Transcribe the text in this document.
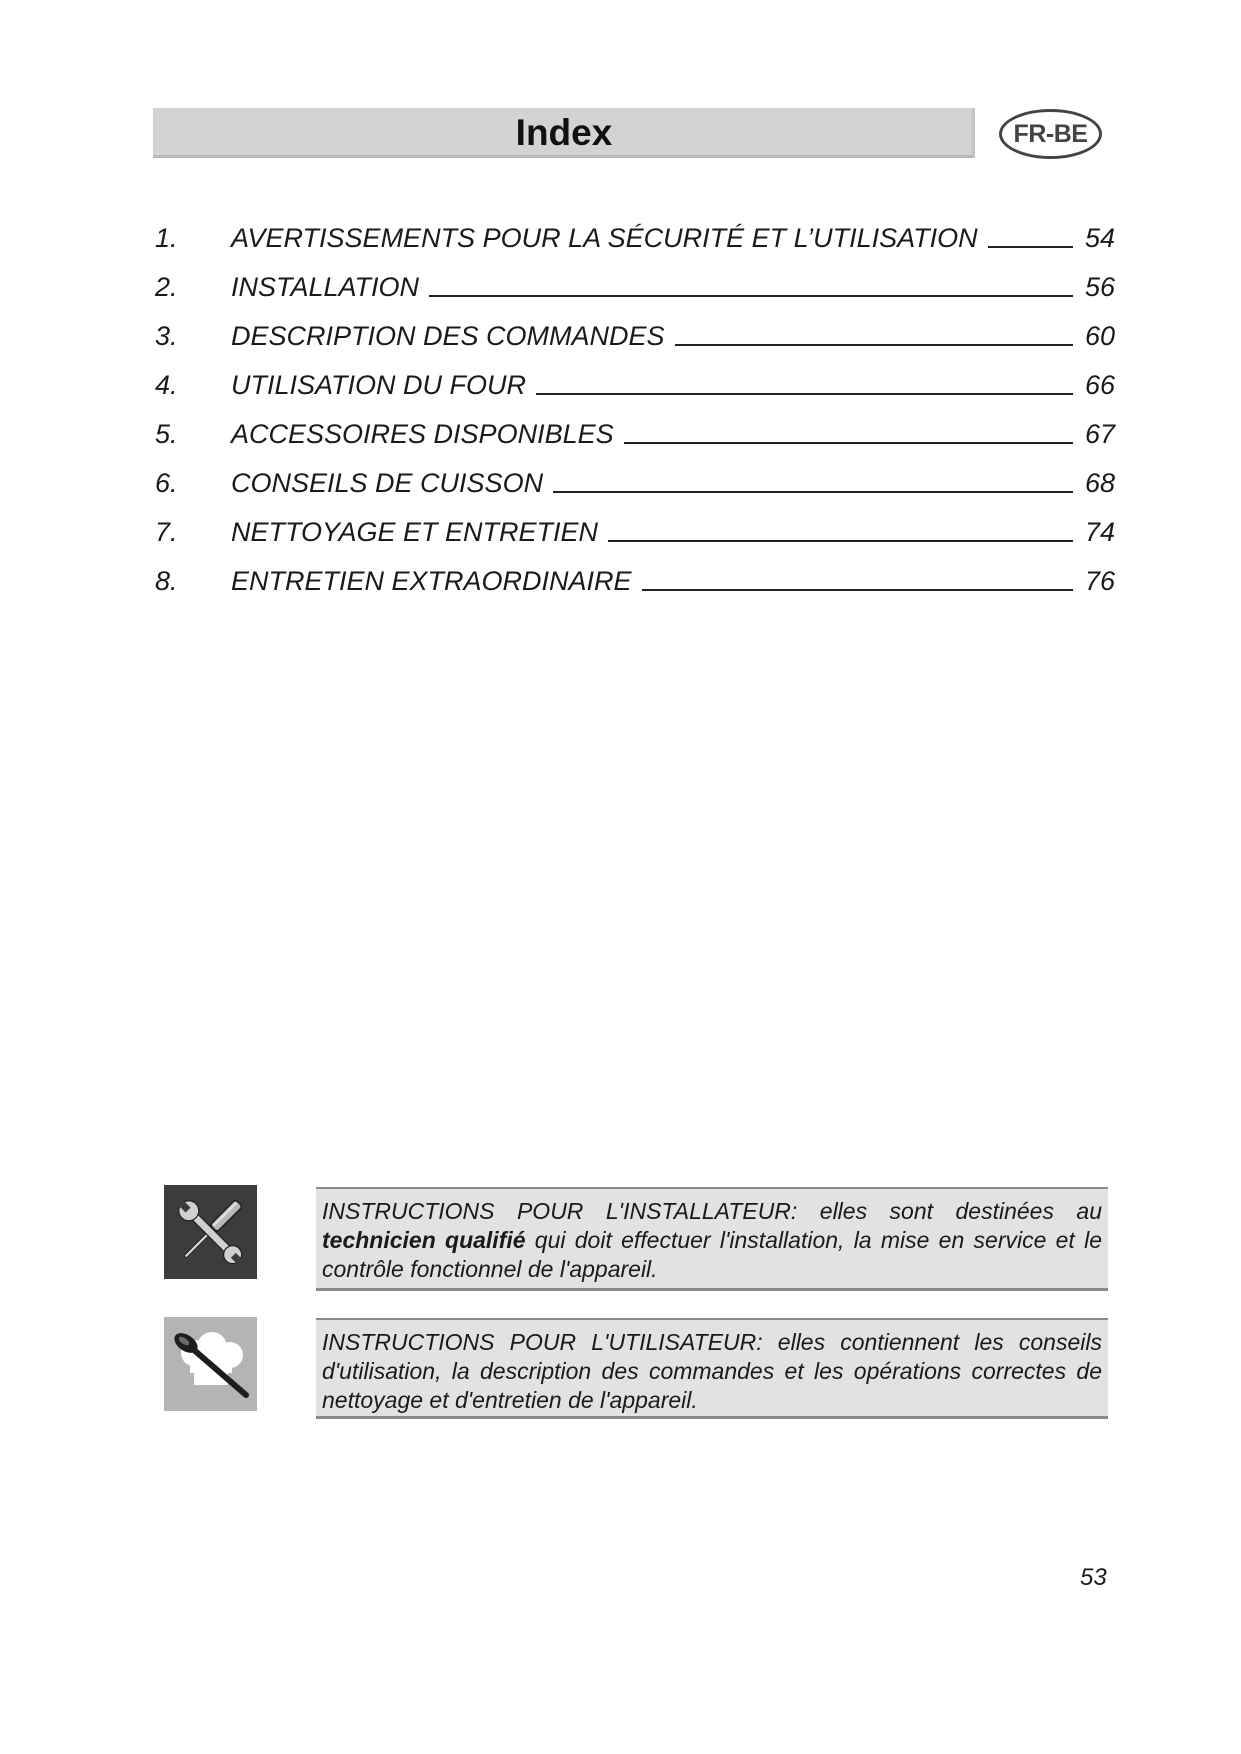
Index	FR-BE
1.	AVERTISSEMENTS POUR LA SÉCURITÉ ET L’UTILISATION	54
2.	INSTALLATION	56
3.	DESCRIPTION DES COMMANDES	60
4.	UTILISATION DU FOUR	66
5.	ACCESSOIRES DISPONIBLES	67
6.	CONSEILS DE CUISSON	68
7.	NETTOYAGE ET ENTRETIEN	74
8.	ENTRETIEN EXTRAORDINAIRE	76
INSTRUCTIONS POUR L'INSTALLATEUR: elles sont destinées au technicien qualifié qui doit effectuer l'installation, la mise en service et le contrôle fonctionnel de l'appareil.
INSTRUCTIONS POUR L'UTILISATEUR: elles contiennent les conseils d'utilisation, la description des commandes et les opérations correctes de nettoyage et d'entretien de l'appareil.
53
